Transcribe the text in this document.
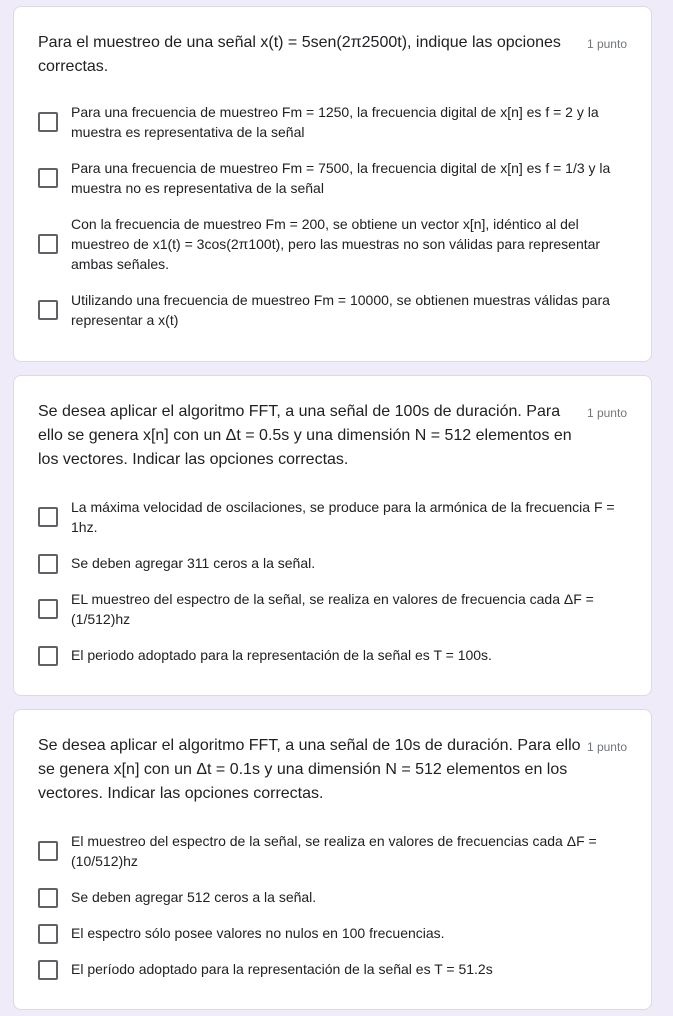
Para el muestreo de una señal x(t) = 5sen(2π2500t), indique las opciones correctas.
1 punto
Para una frecuencia de muestreo Fm = 1250, la frecuencia digital de x[n] es f = 2 y la muestra es representativa de la señal
Para una frecuencia de muestreo Fm = 7500, la frecuencia digital de x[n] es f = 1/3 y la muestra no es representativa de la señal
Con la frecuencia de muestreo Fm = 200, se obtiene un vector x[n], idéntico al del muestreo de x1(t) = 3cos(2π100t), pero las muestras no son válidas para representar ambas señales.
Utilizando una frecuencia de muestreo Fm = 10000, se obtienen muestras válidas para representar a x(t)
Se desea aplicar el algoritmo FFT, a una señal de 100s de duración. Para ello se genera x[n] con un Δt = 0.5s y una dimensión N = 512 elementos en los vectores. Indicar las opciones correctas.
1 punto
La máxima velocidad de oscilaciones, se produce para la armónica de la frecuencia F = 1hz.
Se deben agregar 311 ceros a la señal.
EL muestreo del espectro de la señal, se realiza en valores de frecuencia cada ΔF = (1/512)hz
El periodo adoptado para la representación de la señal es T = 100s.
Se desea aplicar el algoritmo FFT, a una señal de 10s de duración. Para ello se genera x[n] con un Δt = 0.1s y una dimensión N = 512 elementos en los vectores. Indicar las opciones correctas.
1 punto
El muestreo del espectro de la señal, se realiza en valores de frecuencias cada ΔF = (10/512)hz
Se deben agregar 512 ceros a la señal.
El espectro sólo posee valores no nulos en 100 frecuencias.
El período adoptado para la representación de la señal es T = 51.2s
